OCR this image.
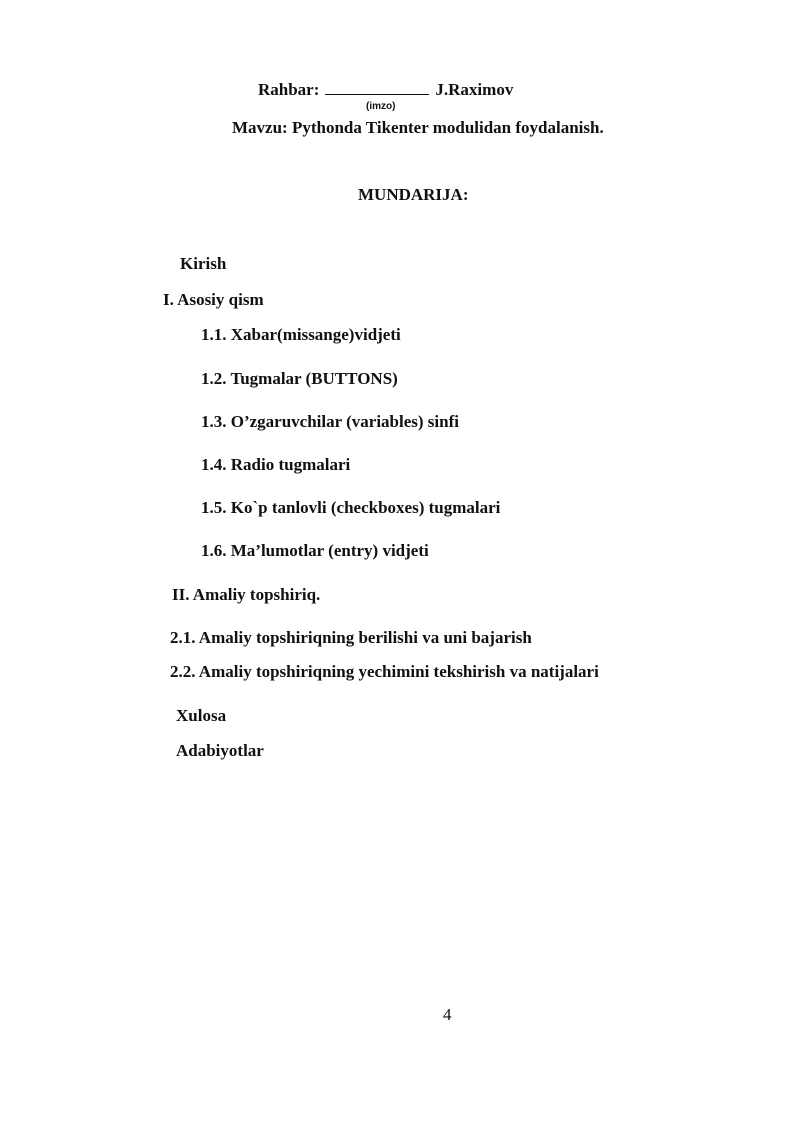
Rahbar:	J.Raximov
(imzo)
Mavzu: Pythonda Tikenter modulidan foydalanish.
MUNDARIJA:
Kirish
I. Asosiy qism
1.1. Xabar(missange)vidjeti
1.2. Tugmalar (BUTTONS)
1.3. O’zgaruvchilar (variables) sinfi
1.4. Radio tugmalari
1.5. Ko`p tanlovli (checkboxes) tugmalari
1.6. Ma’lumotlar (entry) vidjeti
II. Amaliy topshiriq.
2.1. Amaliy topshiriqning berilishi va uni bajarish
2.2. Amaliy topshiriqning yechimini tekshirish va natijalari
Xulosa
Adabiyotlar
4
